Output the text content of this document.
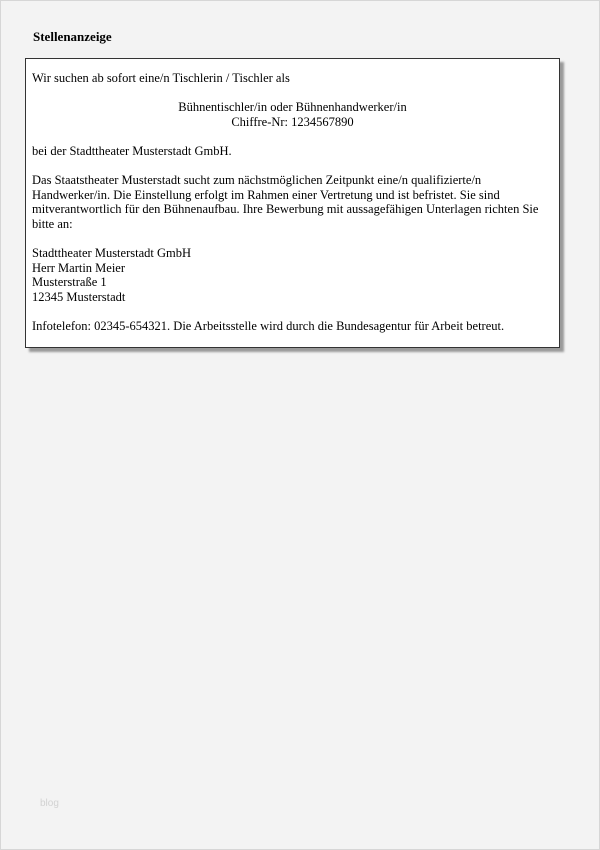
Stellenanzeige

Wir suchen ab sofort eine/n Tischlerin / Tischler als

Bühnentischler/in oder Bühnenhandwerker/in

Chiffre-Nr: 1234567890

bei der Stadttheater Musterstadt GmbH.

Das Staatstheater Musterstadt sucht zum nächstmöglichen Zeitpunkt eine/n qualifizierte/n

Handwerker/in. Die Einstellung erfolgt im Rahmen einer Vertretung und ist befristet. Sie sind

mitverantwortlich für den Bühnenaufbau. Ihre Bewerbung mit aussagefähigen Unterlagen richten Sie

bitte an:

Stadttheater Musterstadt GmbH

Herr Martin Meier

Musterstraße 1

12345 Musterstadt

Infotelefon: 02345-654321. Die Arbeitsstelle wird durch die Bundesagentur für Arbeit betreut.

blog
